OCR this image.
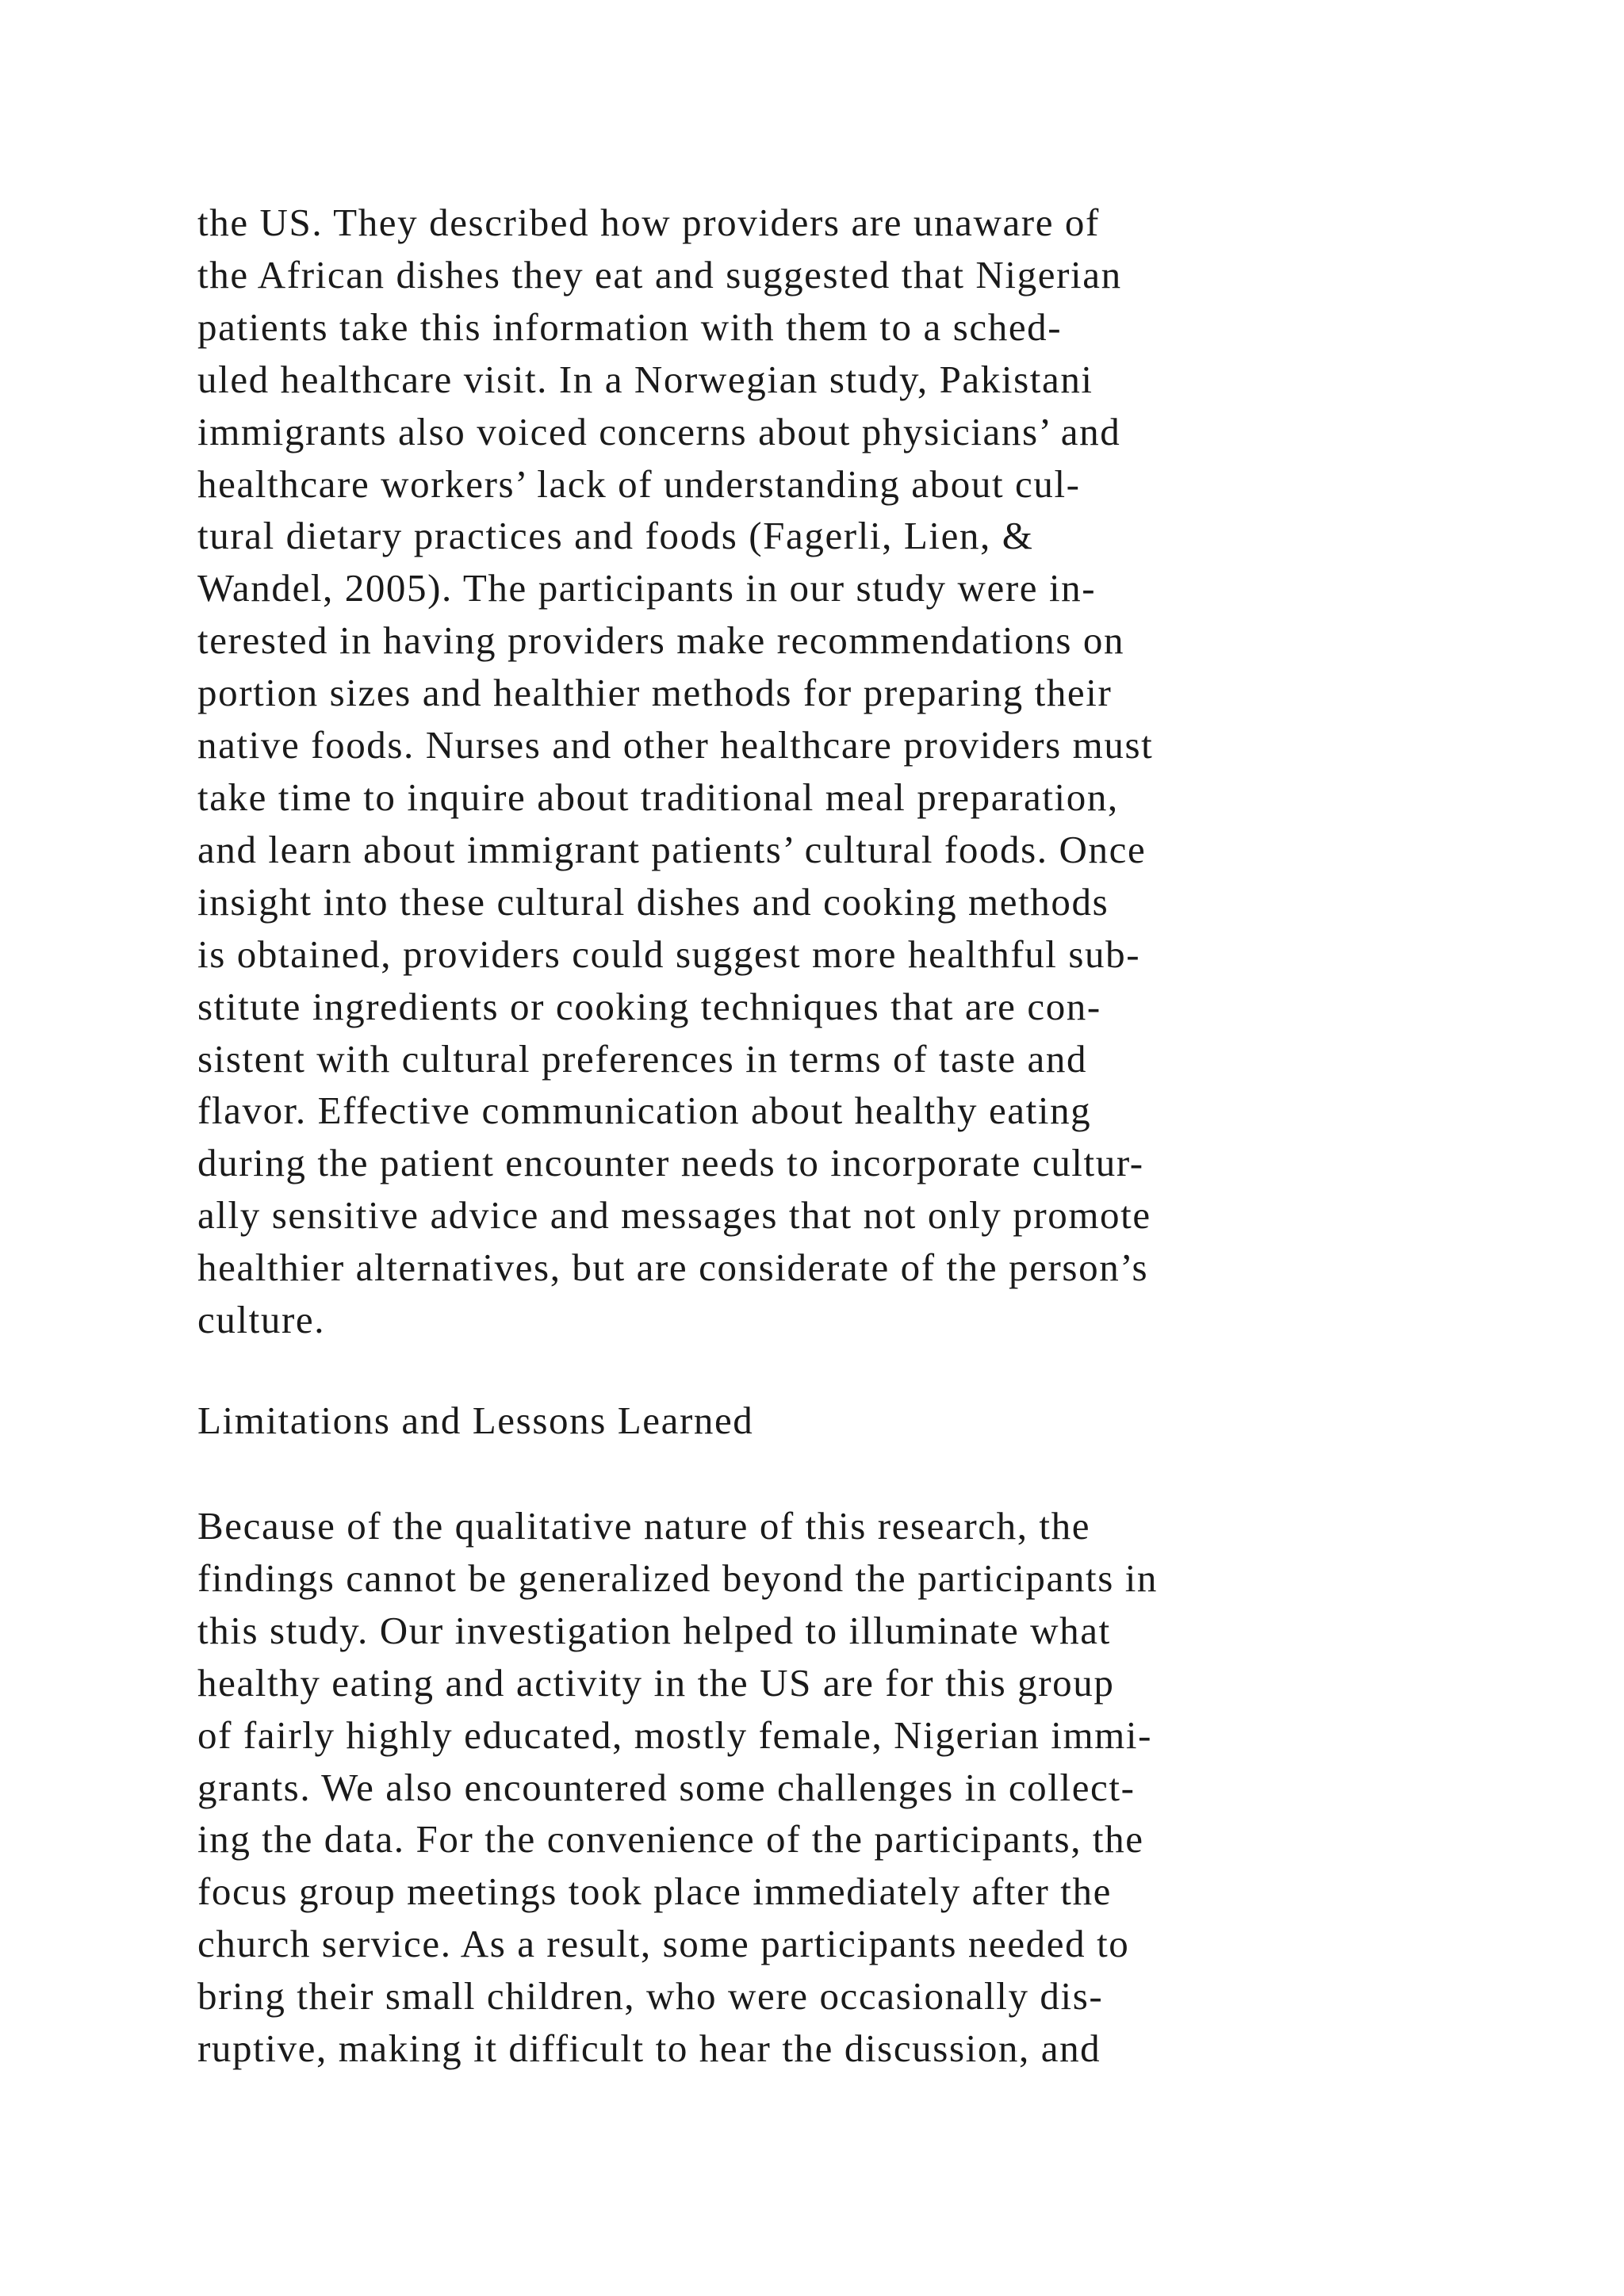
the US. They described how providers are unaware of
the African dishes they eat and suggested that Nigerian
patients take this information with them to a sched-
uled healthcare visit. In a Norwegian study, Pakistani
immigrants also voiced concerns about physicians’ and
healthcare workers’ lack of understanding about cul-
tural dietary practices and foods (Fagerli, Lien, &
Wandel, 2005). The participants in our study were in-
terested in having providers make recommendations on
portion sizes and healthier methods for preparing their
native foods. Nurses and other healthcare providers must
take time to inquire about traditional meal preparation,
and learn about immigrant patients’ cultural foods. Once
insight into these cultural dishes and cooking methods
is obtained, providers could suggest more healthful sub-
stitute ingredients or cooking techniques that are con-
sistent with cultural preferences in terms of taste and
flavor. Effective communication about healthy eating
during the patient encounter needs to incorporate cultur-
ally sensitive advice and messages that not only promote
healthier alternatives, but are considerate of the person’s
culture.
Limitations and Lessons Learned
Because of the qualitative nature of this research, the
findings cannot be generalized beyond the participants in
this study. Our investigation helped to illuminate what
healthy eating and activity in the US are for this group
of fairly highly educated, mostly female, Nigerian immi-
grants. We also encountered some challenges in collect-
ing the data. For the convenience of the participants, the
focus group meetings took place immediately after the
church service. As a result, some participants needed to
bring their small children, who were occasionally dis-
ruptive, making it difficult to hear the discussion, and
